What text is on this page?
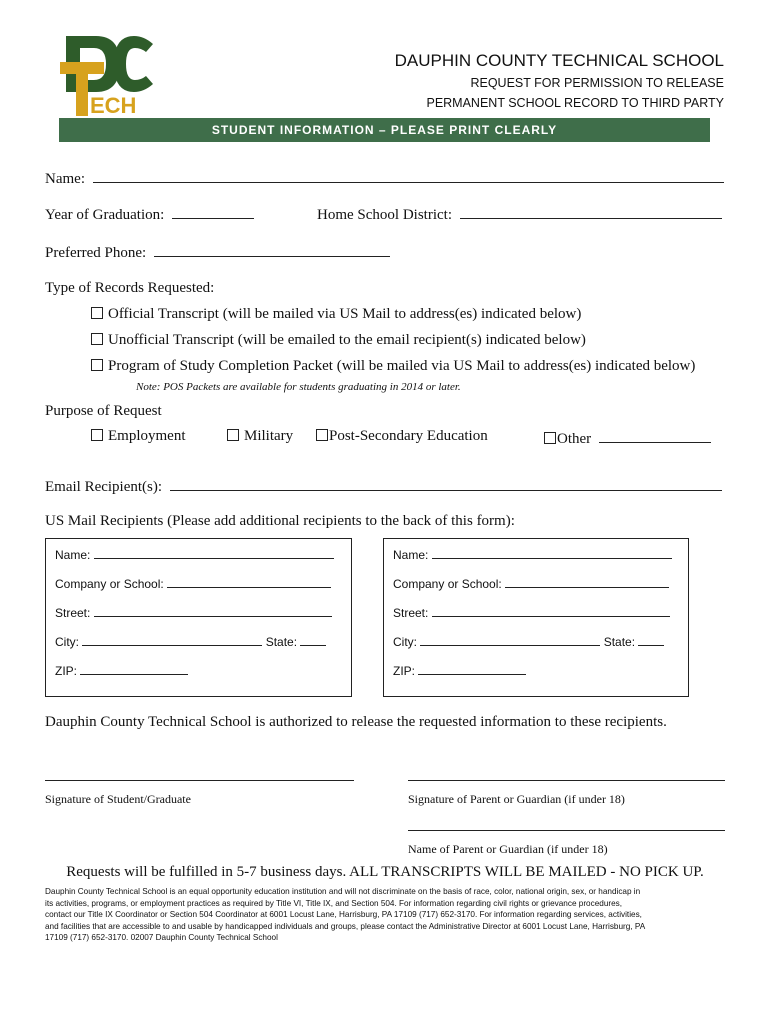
ECH
DAUPHIN COUNTY TECHNICAL SCHOOL
REQUEST FOR PERMISSION TO RELEASE
PERMANENT SCHOOL RECORD TO THIRD PARTY
STUDENT INFORMATION – PLEASE PRINT CLEARLY
Name:
Year of Graduation:	Home School District:
Preferred Phone:
Type of Records Requested:
Official Transcript (will be mailed via US Mail to address(es) indicated below)
Unofficial Transcript (will be emailed to the email recipient(s) indicated below)
Program of Study Completion Packet (will be mailed via US Mail to address(es) indicated below)
Note: POS Packets are available for students graduating in 2014 or later.
Purpose of Request
Employment	Military	Post-Secondary Education	Other
Email Recipient(s):
US Mail Recipients (Please add additional recipients to the back of this form):
Name:
Company or School:
Street:
City:	State:
ZIP:
Name:
Company or School:
Street:
City:	State:
ZIP:
Dauphin County Technical School is authorized to release the requested information to these recipients.
Signature of Student/Graduate	Signature of Parent or Guardian (if under 18)
Name of Parent or Guardian (if under 18)
Requests will be fulfilled in 5-7 business days. ALL TRANSCRIPTS WILL BE MAILED - NO PICK UP.
Dauphin County Technical School is an equal opportunity education institution and will not discriminate on the basis of race, color, national origin, sex, or handicap in
its activities, programs, or employment practices as required by Title VI, Title IX, and Section 504. For information regarding civil rights or grievance procedures,
contact our Title IX Coordinator or Section 504 Coordinator at 6001 Locust Lane, Harrisburg, PA 17109 (717) 652-3170. For information regarding services, activities,
and facilities that are accessible to and usable by handicapped individuals and groups, please contact the Administrative Director at 6001 Locust Lane, Harrisburg, PA
17109 (717) 652-3170. 02007 Dauphin County Technical School
